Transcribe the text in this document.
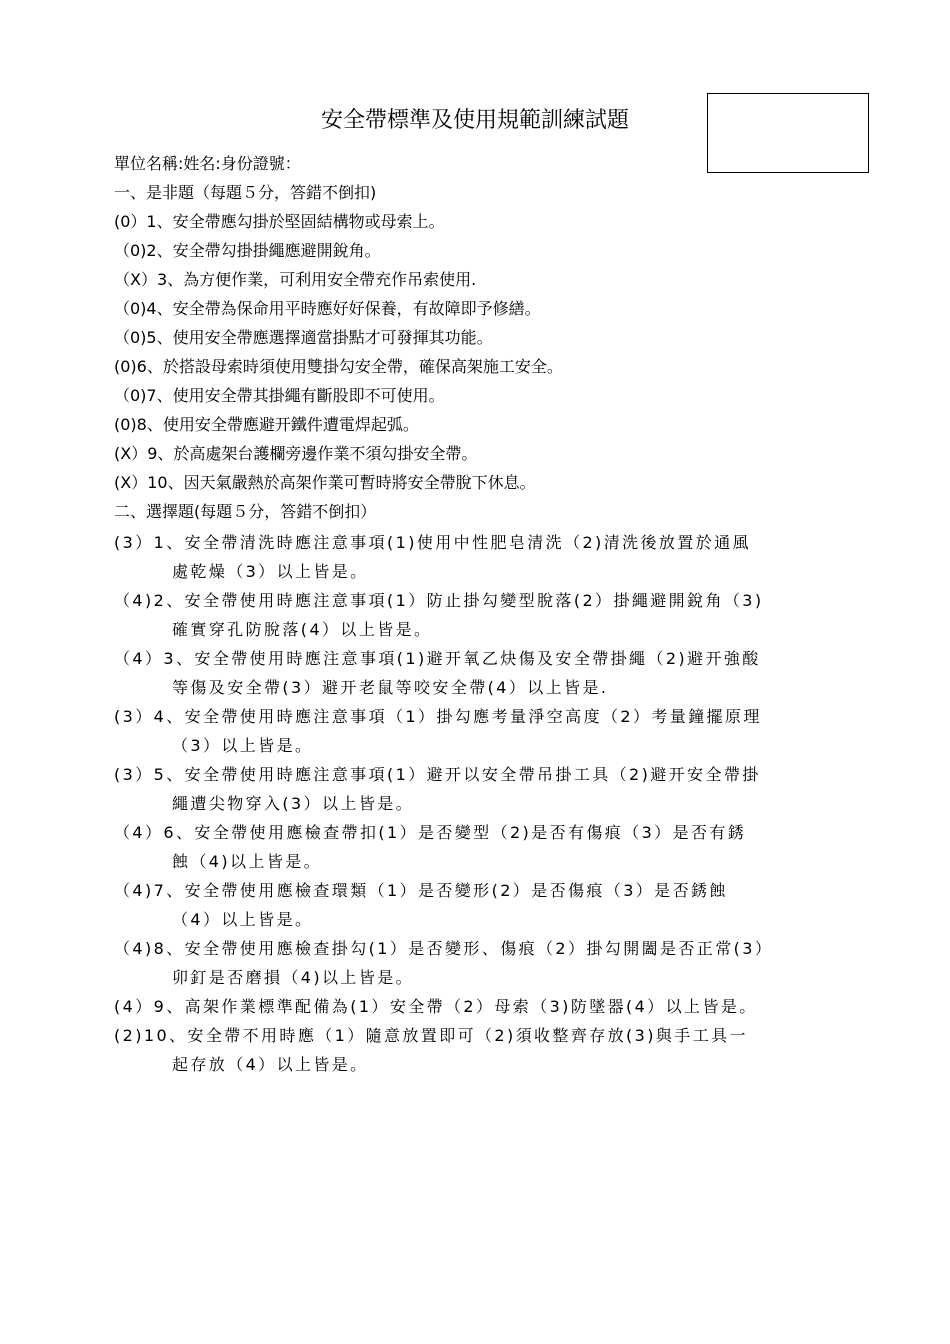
安全帶標準及使用規範訓練試題
單位名稱:姓名:身份證號：
一、是非題（每題５分，答錯不倒扣)
(0）1、安全帶應勾掛於堅固結構物或母索上。
（0)2、安全帶勾掛掛繩應避開銳角。
（X）3、為方便作業，可利用安全帶充作吊索使用.
（0)4、安全帶為保命用平時應好好保養，有故障即予修繕。
（0)5、使用安全帶應選擇適當掛點才可發揮其功能。
(0)6、於搭設母索時須使用雙掛勾安全帶，確保高架施工安全。
（0)7、使用安全帶其掛繩有斷股即不可使用。
(0)8、使用安全帶應避开鐵件遭電焊起弧。
(X）9、於高處架台護欄旁邊作業不須勾掛安全帶。
(X）10、因天氣嚴熱於高架作業可暫時將安全帶脫下休息。
二、選擇題(每題５分，答錯不倒扣）
(3）1、安全帶清洗時應注意事項(1)使用中性肥皂清洗（2)清洗後放置於通風
處乾燥（3）以上皆是。
（4)2、安全帶使用時應注意事項(1）防止掛勾變型脫落(2）掛繩避開銳角（3)
確實穿孔防脫落(4）以上皆是。
（4）3、安全帶使用時應注意事項(1)避开氧乙炔傷及安全帶掛繩（2)避开強酸
等傷及安全帶(3）避开老鼠等咬安全帶(4）以上皆是.
(3）4、安全帶使用時應注意事項（1）掛勾應考量淨空高度（2）考量鐘擺原理
（3）以上皆是。
(3）5、安全帶使用時應注意事項(1）避开以安全帶吊掛工具（2)避开安全帶掛
繩遭尖物穿入(3）以上皆是。
（4）6、安全帶使用應檢查帶扣(1）是否變型（2)是否有傷痕（3）是否有銹
蝕（4)以上皆是。
（4)7、安全帶使用應檢查環類（1）是否變形(2）是否傷痕（3）是否銹蝕
（4）以上皆是。
（4)8、安全帶使用應檢查掛勾(1）是否變形、傷痕（2）掛勾開闔是否正常(3）
卯釘是否磨損（4)以上皆是。
(4）9、高架作業標準配備為(1）安全帶（2）母索（3)防墜器(4）以上皆是。
(2)10、安全帶不用時應（1）隨意放置即可（2)須收整齊存放(3)與手工具一
起存放（4）以上皆是。
